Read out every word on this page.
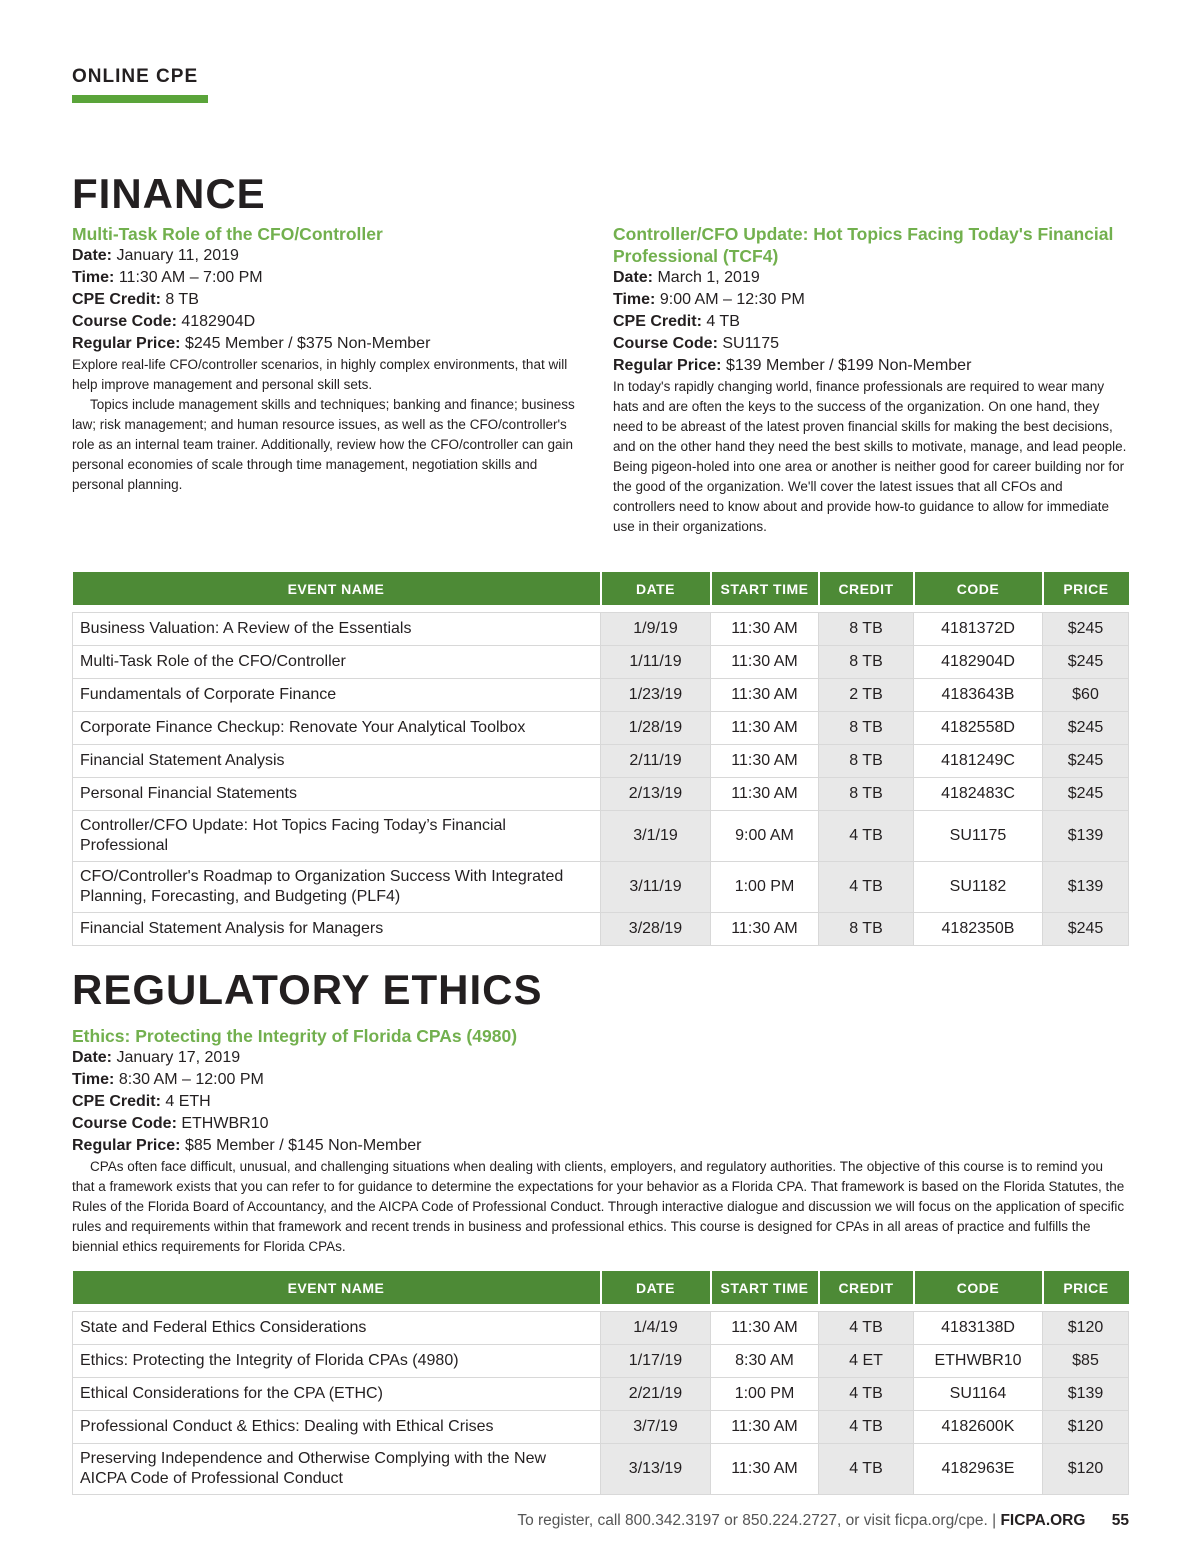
ONLINE CPE
FINANCE
Multi-Task Role of the CFO/Controller
Date: January 11, 2019
Time: 11:30 AM – 7:00 PM
CPE Credit: 8 TB
Course Code: 4182904D
Regular Price: $245 Member / $375 Non-Member

Explore real-life CFO/controller scenarios, in highly complex environments, that will help improve management and personal skill sets.

Topics include management skills and techniques; banking and finance; business law; risk management; and human resource issues, as well as the CFO/controller's role as an internal team trainer. Additionally, review how the CFO/controller can gain personal economies of scale through time management, negotiation skills and personal planning.

Controller/CFO Update: Hot Topics Facing Today's Financial Professional (TCF4)
Date: March 1, 2019
Time: 9:00 AM – 12:30 PM
CPE Credit: 4 TB
Course Code: SU1175
Regular Price: $139 Member / $199 Non-Member

In today's rapidly changing world, finance professionals are required to wear many hats and are often the keys to the success of the organization. On one hand, they need to be abreast of the latest proven financial skills for making the best decisions, and on the other hand they need the best skills to motivate, manage, and lead people. Being pigeon-holed into one area or another is neither good for career building nor for the good of the organization. We'll cover the latest issues that all CFOs and controllers need to know about and provide how-to guidance to allow for immediate use in their organizations.

EVENT NAME	DATE	START TIME	CREDIT	CODE	PRICE

Business Valuation: A Review of the Essentials	1/9/19	11:30 AM	8 TB	4181372D	$245
Multi-Task Role of the CFO/Controller	1/11/19	11:30 AM	8 TB	4182904D	$245
Fundamentals of Corporate Finance	1/23/19	11:30 AM	2 TB	4183643B	$60
Corporate Finance Checkup: Renovate Your Analytical Toolbox	1/28/19	11:30 AM	8 TB	4182558D	$245
Financial Statement Analysis	2/11/19	11:30 AM	8 TB	4181249C	$245
Personal Financial Statements	2/13/19	11:30 AM	8 TB	4182483C	$245
Controller/CFO Update: Hot Topics Facing Today’s Financial Professional	3/1/19	9:00 AM	4 TB	SU1175	$139
CFO/Controller's Roadmap to Organization Success With Integrated Planning, Forecasting, and Budgeting (PLF4)	3/11/19	1:00 PM	4 TB	SU1182	$139
Financial Statement Analysis for Managers	3/28/19	11:30 AM	8 TB	4182350B	$245
REGULATORY ETHICS
Ethics: Protecting the Integrity of Florida CPAs (4980)
Date: January 17, 2019
Time: 8:30 AM – 12:00 PM
CPE Credit: 4 ETH
Course Code: ETHWBR10
Regular Price: $85 Member / $145 Non-Member

CPAs often face difficult, unusual, and challenging situations when dealing with clients, employers, and regulatory authorities. The objective of this course is to remind you that a framework exists that you can refer to for guidance to determine the expectations for your behavior as a Florida CPA. That framework is based on the Florida Statutes, the Rules of the Florida Board of Accountancy, and the AICPA Code of Professional Conduct. Through interactive dialogue and discussion we will focus on the application of specific rules and requirements within that framework and recent trends in business and professional ethics. This course is designed for CPAs in all areas of practice and fulfills the biennial ethics requirements for Florida CPAs.

EVENT NAME	DATE	START TIME	CREDIT	CODE	PRICE

State and Federal Ethics Considerations	1/4/19	11:30 AM	4 TB	4183138D	$120
Ethics: Protecting the Integrity of Florida CPAs (4980)	1/17/19	8:30 AM	4 ET	ETHWBR10	$85
Ethical Considerations for the CPA (ETHC)	2/21/19	1:00 PM	4 TB	SU1164	$139
Professional Conduct & Ethics: Dealing with Ethical Crises	3/7/19	11:30 AM	4 TB	4182600K	$120
Preserving Independence and Otherwise Complying with the New AICPA Code of Professional Conduct	3/13/19	11:30 AM	4 TB	4182963E	$120
To register, call 800.342.3197 or 850.224.2727, or visit ficpa.org/cpe. | FICPA.ORG 55
